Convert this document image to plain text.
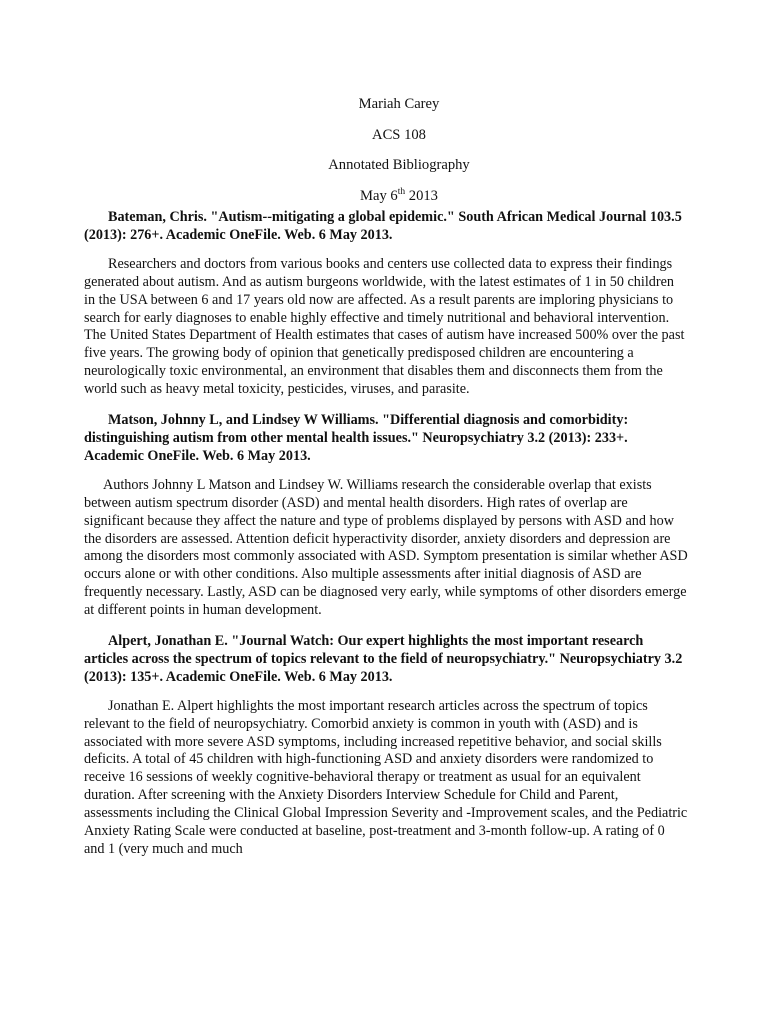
Mariah Carey
ACS 108
Annotated Bibliography
May 6th 2013

Bateman, Chris. "Autism--mitigating a global epidemic." South African Medical Journal 103.5 (2013): 276+. Academic OneFile. Web. 6 May 2013.

Researchers and doctors from various books and centers use collected data to express their findings generated about autism. And as autism burgeons worldwide, with the latest estimates of 1 in 50 children in the USA between 6 and 17 years old now are affected. As a result parents are imploring physicians to search for early diagnoses to enable highly effective and timely nutritional and behavioral intervention. The United States Department of Health estimates that cases of autism have increased 500% over the past five years. The growing body of opinion that genetically predisposed children are encountering a neurologically toxic environmental, an environment that disables them and disconnects them from the world such as heavy metal toxicity, pesticides, viruses, and parasite.

Matson, Johnny L, and Lindsey W Williams. "Differential diagnosis and comorbidity: distinguishing autism from other mental health issues." Neuropsychiatry 3.2 (2013): 233+. Academic OneFile. Web. 6 May 2013.

Authors Johnny L Matson and Lindsey W. Williams research the considerable overlap that exists between autism spectrum disorder (ASD) and mental health disorders. High rates of overlap are significant because they affect the nature and type of problems displayed by persons with ASD and how the disorders are assessed. Attention deficit hyperactivity disorder, anxiety disorders and depression are among the disorders most commonly associated with ASD. Symptom presentation is similar whether ASD occurs alone or with other conditions. Also multiple assessments after initial diagnosis of ASD are frequently necessary. Lastly, ASD can be diagnosed very early, while symptoms of other disorders emerge at different points in human development.

Alpert, Jonathan E. "Journal Watch: Our expert highlights the most important research articles across the spectrum of topics relevant to the field of neuropsychiatry." Neuropsychiatry 3.2 (2013): 135+. Academic OneFile. Web. 6 May 2013.

Jonathan E. Alpert highlights the most important research articles across the spectrum of topics relevant to the field of neuropsychiatry. Comorbid anxiety is common in youth with (ASD) and is associated with more severe ASD symptoms, including increased repetitive behavior, and social skills deficits. A total of 45 children with high-functioning ASD and anxiety disorders were randomized to receive 16 sessions of weekly cognitive-behavioral therapy or treatment as usual for an equivalent duration. After screening with the Anxiety Disorders Interview Schedule for Child and Parent, assessments including the Clinical Global Impression Severity and -Improvement scales, and the Pediatric Anxiety Rating Scale were conducted at baseline, post-treatment and 3-month follow-up. A rating of 0 and 1 (very much and much
